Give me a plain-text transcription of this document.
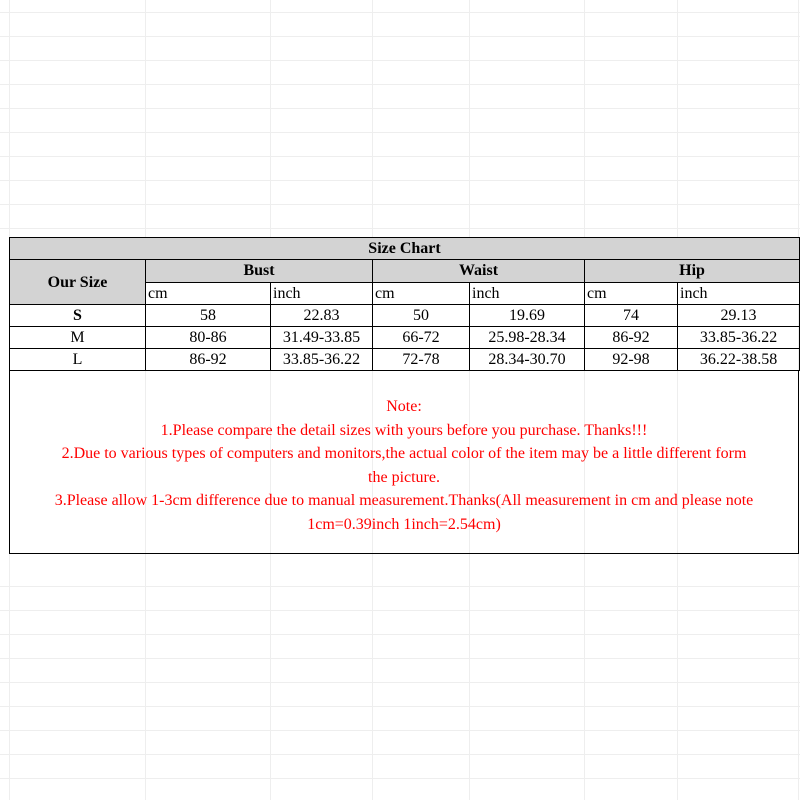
Size Chart						
Our Size	Bust		Waist		Hip	
	cm	inch	cm	inch	cm	inch
S	58	22.83	50	19.69	74	29.13
M	80-86	31.49-33.85	66-72	25.98-28.34	86-92	33.85-36.22
L	86-92	33.85-36.22	72-78	28.34-30.70	92-98	36.22-38.58
Note:
1.Please compare the detail sizes with yours before you purchase. Thanks!!!
2.Due to various types of computers and monitors,the actual color of the item may be a little different form
the picture.
3.Please allow 1-3cm difference due to manual measurement.Thanks(All measurement in cm and please note
1cm=0.39inch 1inch=2.54cm)
